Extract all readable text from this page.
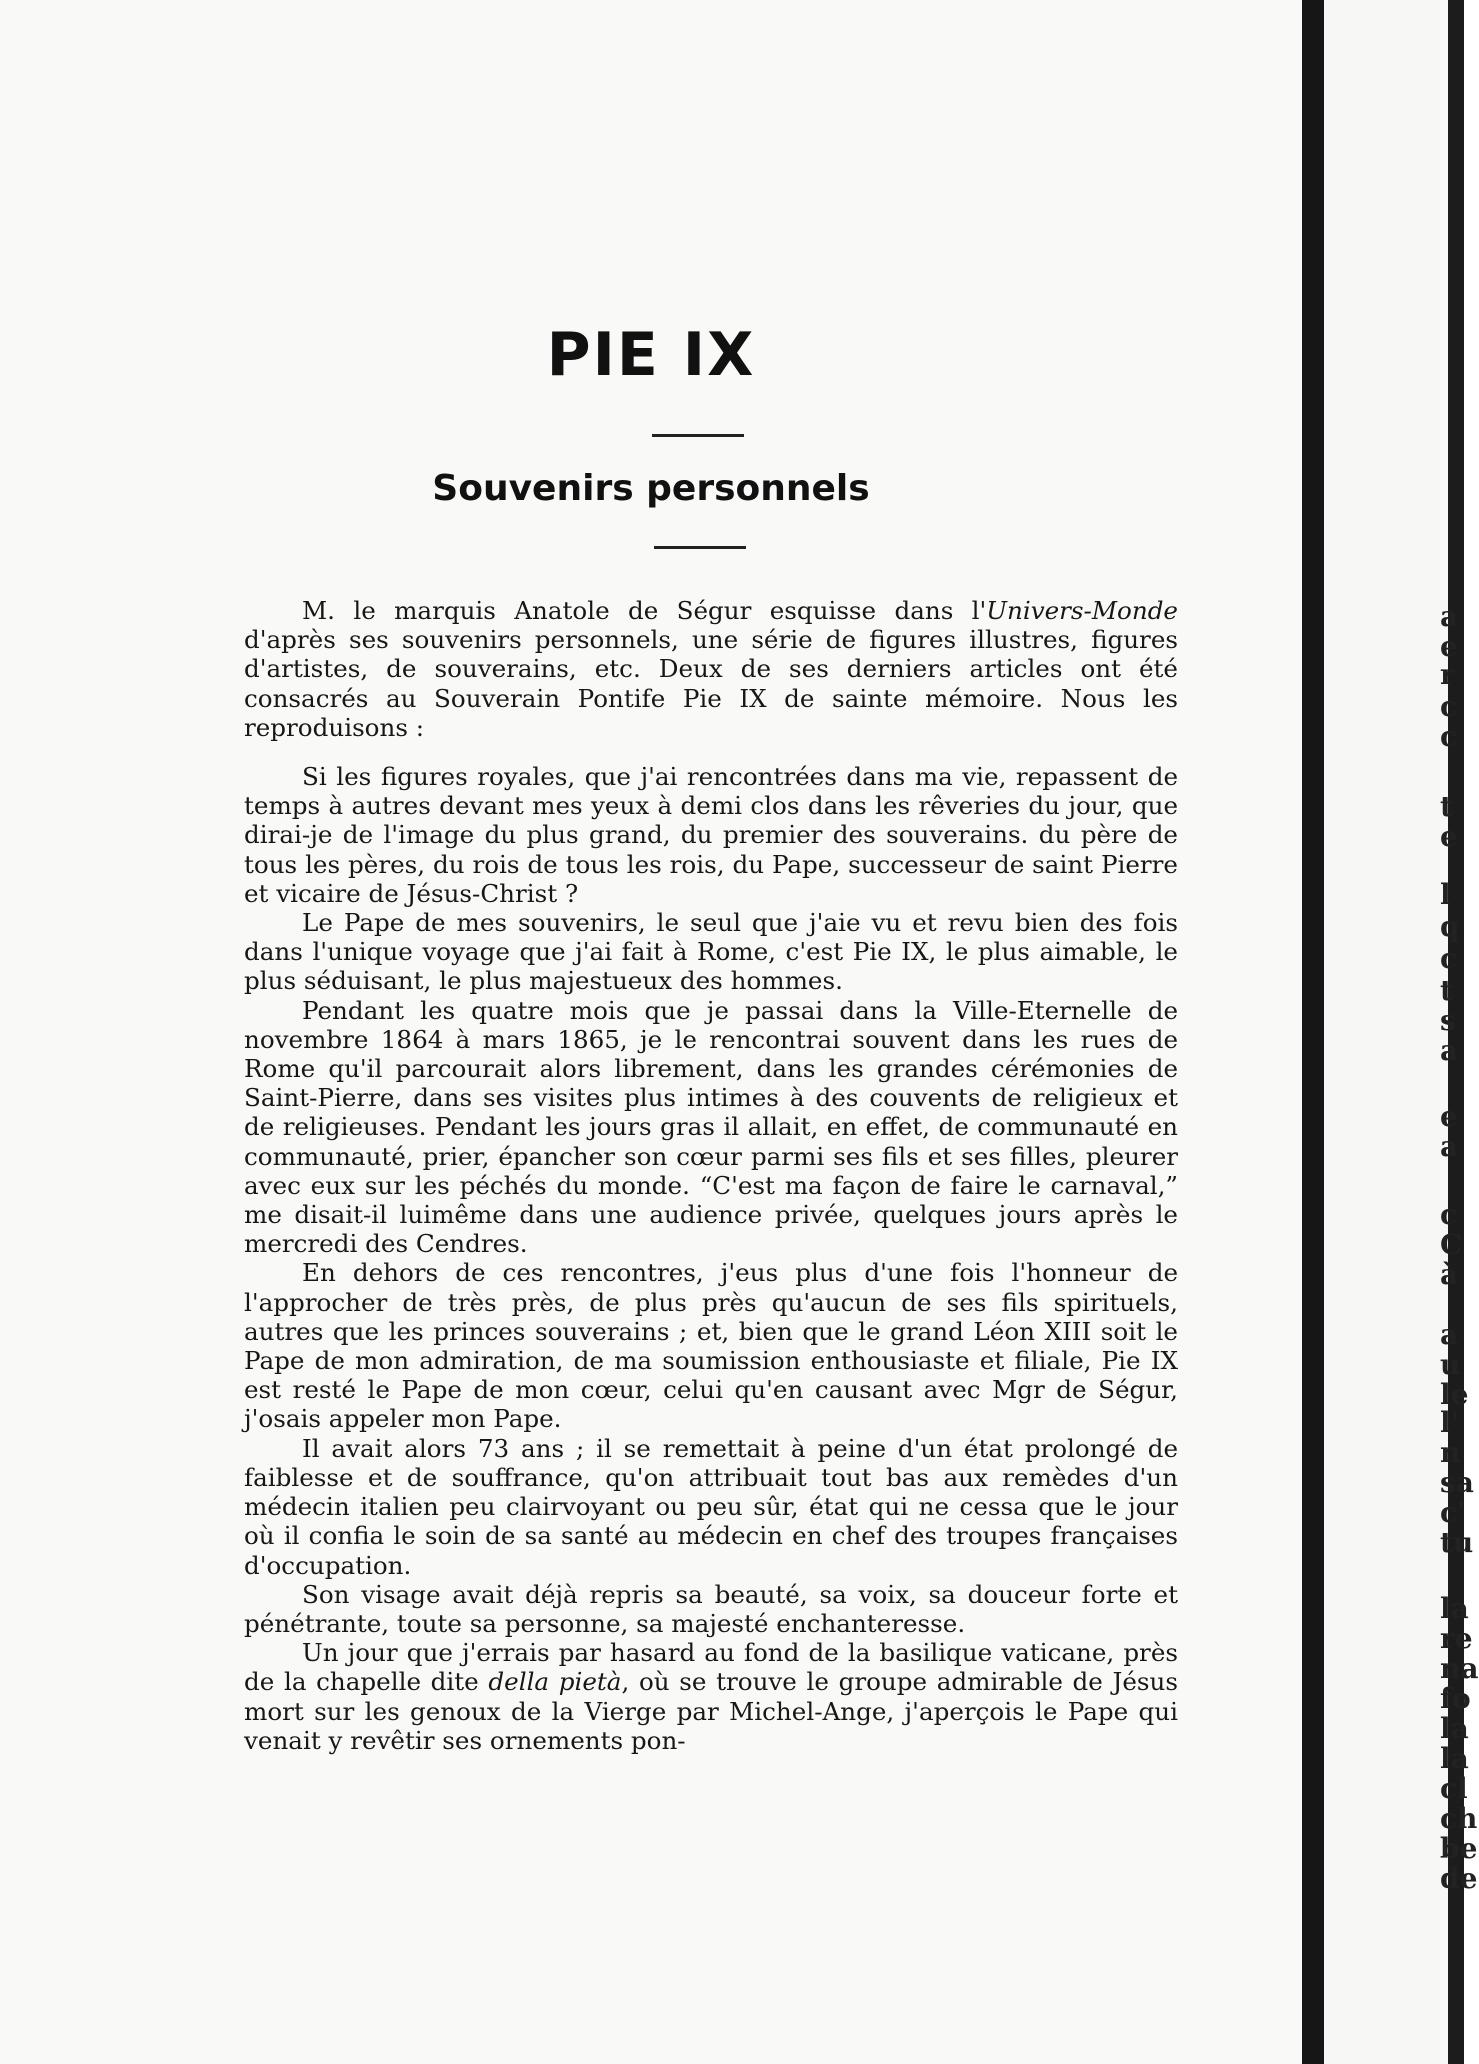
PIE IX
Souvenirs personnels

M. le marquis Anatole de Ségur esquisse dans l'Univers-Monde d'après ses souvenirs personnels, une série de figures illustres, figures d'artistes, de souverains, etc. Deux de ses derniers articles ont été consacrés au Souverain Pontife Pie IX de sainte mémoire. Nous les reproduisons :

Si les figures royales, que j'ai rencontrées dans ma vie, repassent de temps à autres devant mes yeux à demi clos dans les rêveries du jour, que dirai-je de l'image du plus grand, du premier des souverains. du père de tous les pères, du rois de tous les rois, du Pape, successeur de saint Pierre et vicaire de Jésus-Christ ?

Le Pape de mes souvenirs, le seul que j'aie vu et revu bien des fois dans l'unique voyage que j'ai fait à Rome, c'est Pie IX, le plus aimable, le plus séduisant, le plus majestueux des hommes.

Pendant les quatre mois que je passai dans la Ville-Eternelle de novembre 1864 à mars 1865, je le rencontrai souvent dans les rues de Rome qu'il parcourait alors librement, dans les grandes cérémonies de Saint-Pierre, dans ses visites plus intimes à des couvents de religieux et de religieuses. Pendant les jours gras il allait, en effet, de communauté en communauté, prier, épancher son cœur parmi ses fils et ses filles, pleurer avec eux sur les péchés du monde. “C'est ma façon de faire le carnaval,” me disait-il luimême dans une audience privée, quelques jours après le mercredi des Cendres.

En dehors de ces rencontres, j'eus plus d'une fois l'honneur de l'approcher de très près, de plus près qu'aucun de ses fils spirituels, autres que les princes souverains ; et, bien que le grand Léon XIII soit le Pape de mon admiration, de ma soumission enthousiaste et filiale, Pie IX est resté le Pape de mon cœur, celui qu'en causant avec Mgr de Ségur, j'osais appeler mon Pape.

Il avait alors 73 ans ; il se remettait à peine d'un état prolongé de faiblesse et de souffrance, qu'on attribuait tout bas aux remèdes d'un médecin italien peu clairvoyant ou peu sûr, état qui ne cessa que le jour où il confia le soin de sa santé au médecin en chef des troupes françaises d'occupation.

Son visage avait déjà repris sa beauté, sa voix, sa douceur forte et pénétrante, toute sa personne, sa majesté enchanteresse.

Un jour que j'errais par hasard au fond de la basilique vaticane, près de la chapelle dite della pietà, où se trouve le groupe admirable de Jésus mort sur les genoux de la Vierge par Michel-Ange, j'aperçois le Pape qui venait y revêtir ses ornements pon-

a
e
r
c
c
t
e
l
q
c
t
s
a
e
a
c
C
à
a
u
le
l'
n
sa
c'
tu
la
re
na
fo
la
la
cl
ch
be
de
